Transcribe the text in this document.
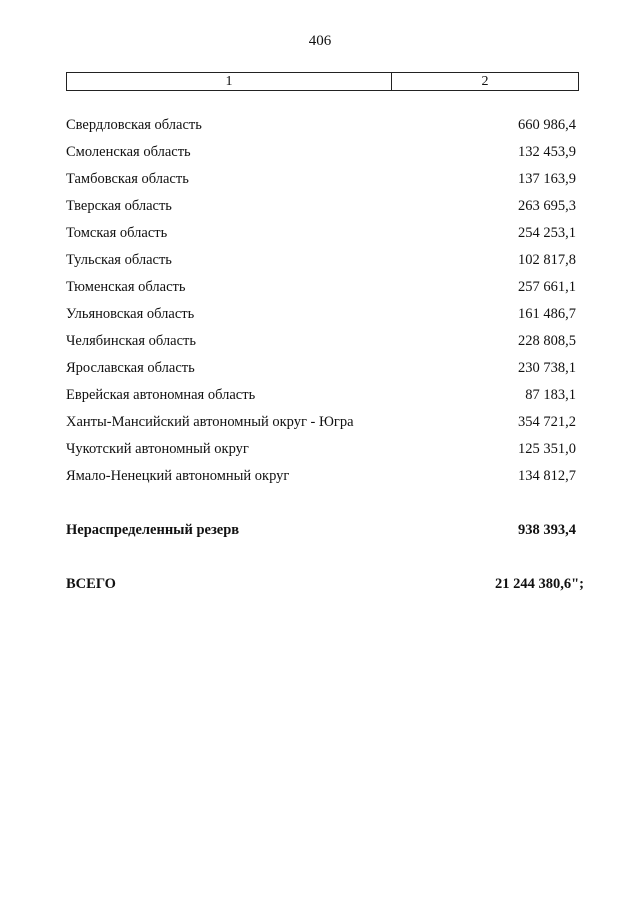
406
1	2
Свердловская область	660 986,4
Смоленская область	132 453,9
Тамбовская область	137 163,9
Тверская область	263 695,3
Томская область	254 253,1
Тульская область	102 817,8
Тюменская область	257 661,1
Ульяновская область	161 486,7
Челябинская область	228 808,5
Ярославская область	230 738,1
Еврейская автономная область	87 183,1
Ханты-Мансийский автономный округ - Югра	354 721,2
Чукотский автономный округ	125 351,0
Ямало-Ненецкий автономный округ	134 812,7
Нераспределенный резерв	938 393,4
ВСЕГО	21 244 380,6";
